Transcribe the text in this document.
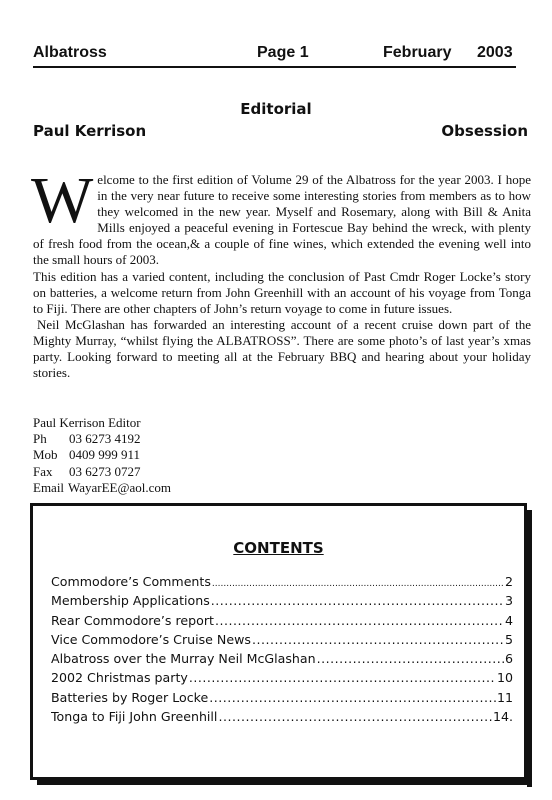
Albatross	Page 1	February 2003
Editorial
Paul Kerrison	Obsession

Welcome to the first edition of Volume 29 of the Albatross for the year 2003. I hope in the very near future to receive some interesting stories from members as to how they welcomed in the new year. Myself and Rosemary, along with Bill & Anita Mills enjoyed a peaceful evening in Fortescue Bay behind the wreck, with plenty of fresh food from the ocean,& a couple of fine wines, which extended the evening well into the small hours of 2003.

This edition has a varied content, including the conclusion of Past Cmdr Roger Locke’s story on batteries, a welcome return from John Greenhill with an account of his voyage from Tonga to Fiji. There are other chapters of John’s return voyage to come in future issues.

Neil McGlashan has forwarded an interesting account of a recent cruise down part of the Mighty Murray, “whilst flying the ALBATROSS”. There are some photo’s of last year’s xmas party. Looking forward to meeting all at the February BBQ and hearing about your holiday stories.

Paul Kerrison Editor
Ph 03 6273 4192
Mob 0409 999 911
Fax 03 6273 0727
Email WayarEE@aol.com
CONTENTS
Commodore’s Comments .....	2
Membership Applications .....	3
Rear Commodore’s report .....	4
Vice Commodore’s Cruise News .....	5
Albatross over the Murray Neil McGlashan .....	6
2002 Christmas party .....	10
Batteries by Roger Locke .....	11
Tonga to Fiji John Greenhill .....	14.
